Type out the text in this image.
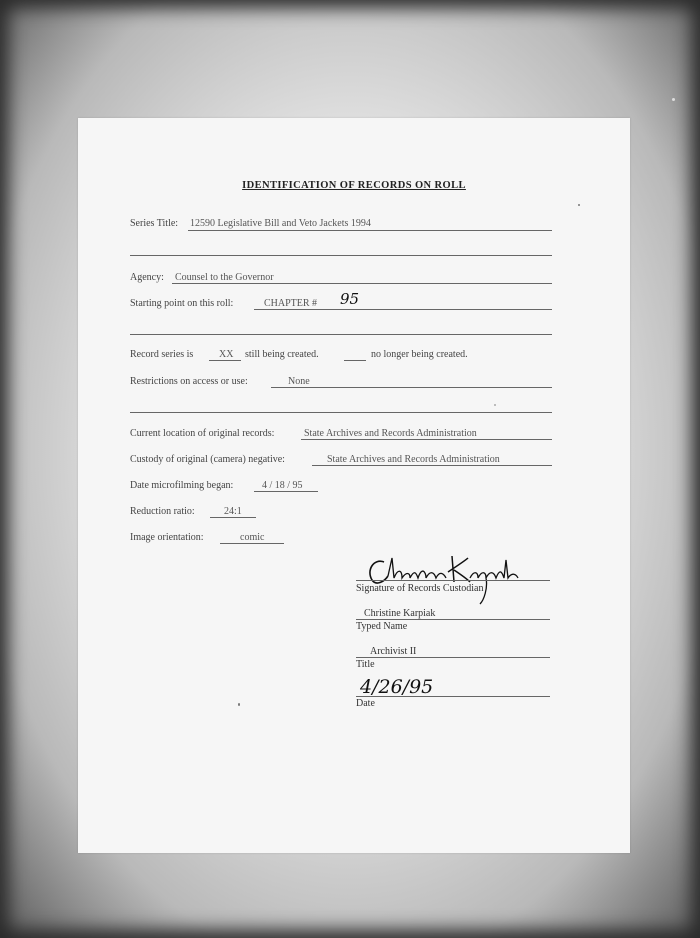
IDENTIFICATION OF RECORDS ON ROLL
Series Title: 12590 Legislative Bill and Veto Jackets 1994
Agency: Counsel to the Governor
Starting point on this roll:	CHAPTER # 95
Record series is	XX still being created.	no longer being created.
Restrictions on access or use:	None
Current location of original records:	State Archives and Records Administration
Custody of original (camera) negative:	State Archives and Records Administration
Date microfilming began:	4 / 18 / 95
Reduction ratio:	24:1
Image orientation:	comic
Signature of Records Custodian
Christine Karpiak
Typed Name
Archivist II
Title
4/26/95
Date
